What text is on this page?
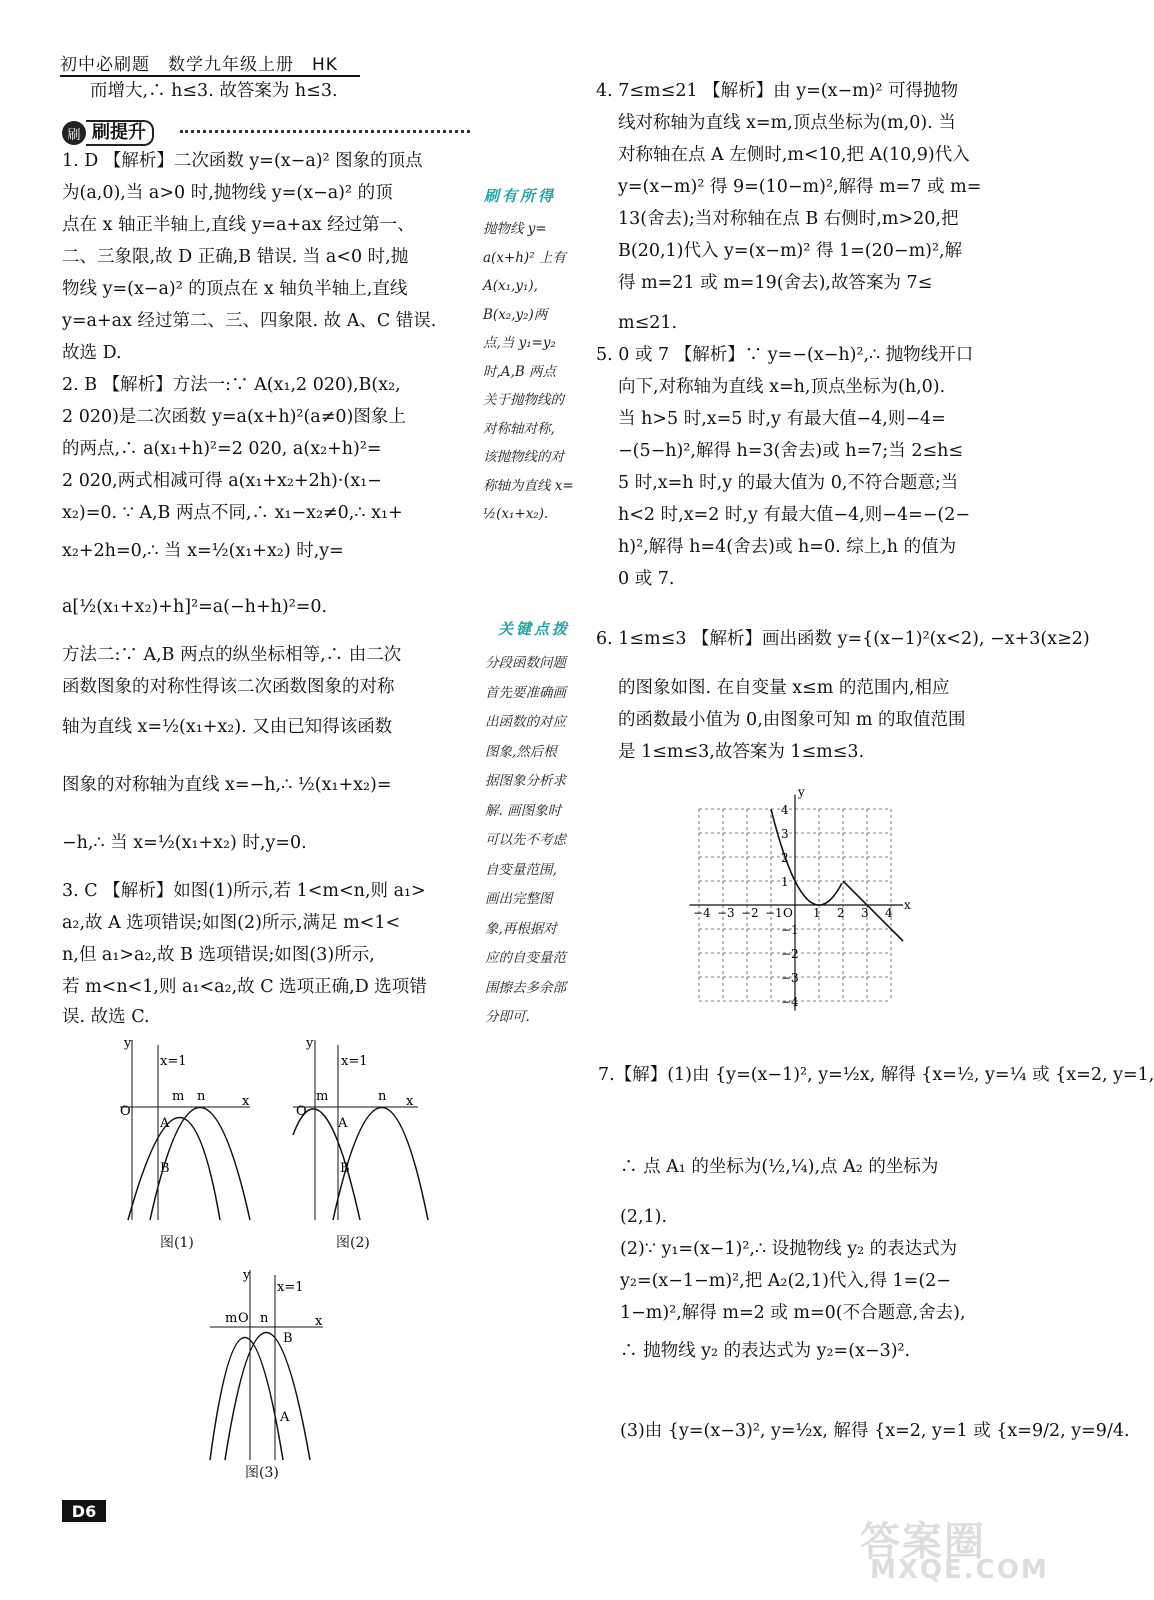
初中必刷题　数学九年级上册　HK
而增大,∴ h≤3. 故答案为 h≤3.
1. D 【解析】二次函数 y=(x−a)² 图象的顶点
为(a,0),当 a>0 时,抛物线 y=(x−a)² 的顶
点在 x 轴正半轴上,直线 y=a+ax 经过第一、
二、三象限,故 D 正确,B 错误. 当 a<0 时,抛
物线 y=(x−a)² 的顶点在 x 轴负半轴上,直线
y=a+ax 经过第二、三、四象限. 故 A、C 错误.
故选 D.
2. B 【解析】方法一:∵ A(x₁,2 020),B(x₂,
2 020)是二次函数 y=a(x+h)²(a≠0)图象上
的两点,∴ a(x₁+h)²=2 020, a(x₂+h)²=
2 020,两式相减可得 a(x₁+x₂+2h)·(x₁−
x₂)=0. ∵ A,B 两点不同,∴ x₁−x₂≠0,∴ x₁+
x₂+2h=0,∴ 当 x=½(x₁+x₂) 时,y=
a[½(x₁+x₂)+h]²=a(−h+h)²=0.
方法二:∵ A,B 两点的纵坐标相等,∴ 由二次
函数图象的对称性得该二次函数图象的对称
轴为直线 x=½(x₁+x₂). 又由已知得该函数
图象的对称轴为直线 x=−h,∴ ½(x₁+x₂)=
−h,∴ 当 x=½(x₁+x₂) 时,y=0.
3. C 【解析】如图(1)所示,若 1<m<n,则 a₁>
a₂,故 A 选项错误;如图(2)所示,满足 m<1<
n,但 a₁>a₂,故 B 选项错误;如图(3)所示,
若 m<n<1,则 a₁<a₂,故 C 选项正确,D 选项错
误. 故选 C.
刷 刷提升
刷有所得
抛物线 y=
a(x+h)² 上有
A(x₁,y₁),
B(x₂,y₂)两
点,当 y₁=y₂
时,A,B 两点
关于抛物线的
对称轴对称,
该抛物线的对
称轴为直线 x=
½(x₁+x₂).
关键点拨
分段函数问题
首先要准确画
出函数的对应
图象,然后根
据图象分析求
解. 画图象时
可以先不考虑
自变量范围,
画出完整图
象,再根据对
应的自变量范
围擦去多余部
分即可.
4. 7≤m≤21 【解析】由 y=(x−m)² 可得抛物
线对称轴为直线 x=m,顶点坐标为(m,0). 当
对称轴在点 A 左侧时,m<10,把 A(10,9)代入
y=(x−m)² 得 9=(10−m)²,解得 m=7 或 m=
13(舍去);当对称轴在点 B 右侧时,m>20,把
B(20,1)代入 y=(x−m)² 得 1=(20−m)²,解
得 m=21 或 m=19(舍去),故答案为 7≤
m≤21.
5. 0 或 7 【解析】∵ y=−(x−h)²,∴ 抛物线开口
向下,对称轴为直线 x=h,顶点坐标为(h,0).
当 h>5 时,x=5 时,y 有最大值−4,则−4=
−(5−h)²,解得 h=3(舍去)或 h=7;当 2≤h≤
5 时,x=h 时,y 的最大值为 0,不符合题意;当
h<2 时,x=2 时,y 有最大值−4,则−4=−(2−
h)²,解得 h=4(舍去)或 h=0. 综上,h 的值为
0 或 7.
6. 1≤m≤3 【解析】画出函数 y={(x−1)²(x<2), −x+3(x≥2)
的图象如图. 在自变量 x≤m 的范围内,相应
的函数最小值为 0,由图象可知 m 的取值范围
是 1≤m≤3,故答案为 1≤m≤3.
7.【解】(1)由 {y=(x−1)², y=½x, 解得 {x=½, y=¼ 或 {x=2, y=1,
∴ 点 A₁ 的坐标为(½,¼),点 A₂ 的坐标为
(2,1).
(2)∵ y₁=(x−1)²,∴ 设抛物线 y₂ 的表达式为
y₂=(x−1−m)²,把 A₂(2,1)代入,得 1=(2−
1−m)²,解得 m=2 或 m=0(不合题意,舍去),
∴ 抛物线 y₂ 的表达式为 y₂=(x−3)².
(3)由 {y=(x−3)², y=½x, 解得 {x=2, y=1 或 {x=9/2, y=9/4.
y
x
O
x=1
m n
A
B
图(1)
y
x
O
x=1
m	n
A
B
图(2)
y
x
O
x=1
m n
A
B
图(3)
−4 −3 −2 −1	1 2 3 4
4
3
2
1
−1
−2
−3
−4
O
x
y
D6
答案圈
MXQE.COM
